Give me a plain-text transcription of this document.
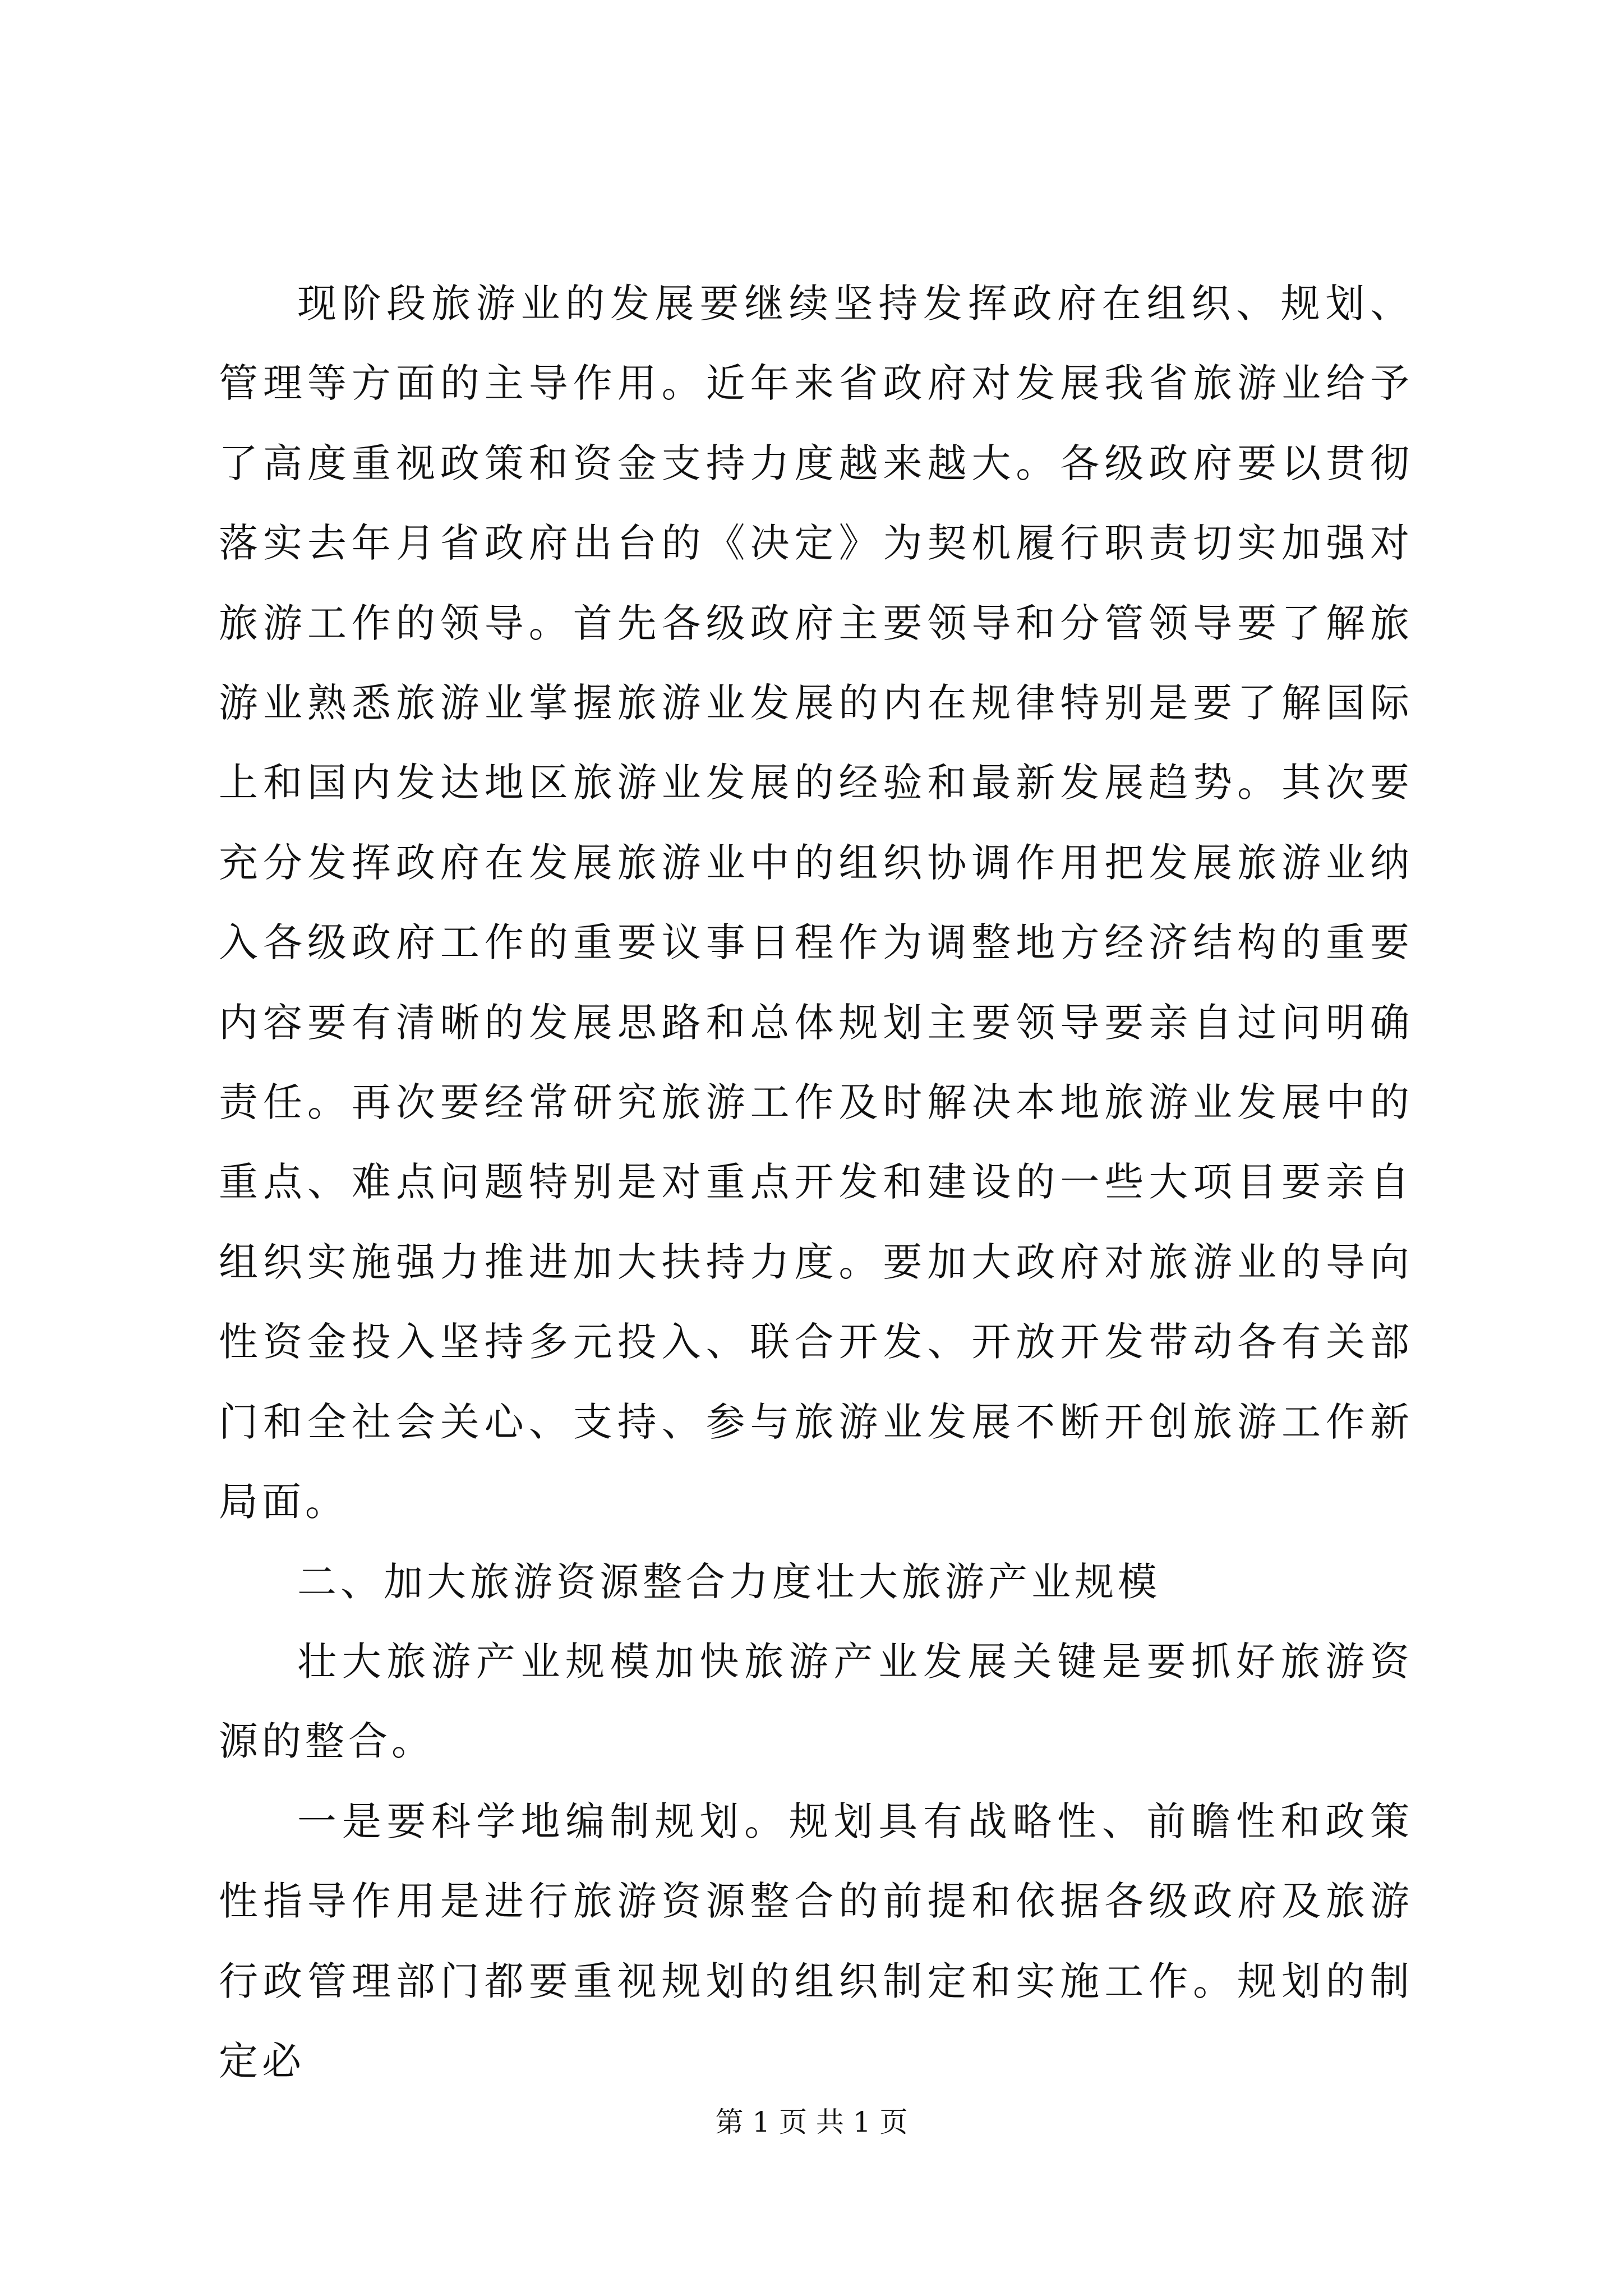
现阶段旅游业的发展要继续坚持发挥政府在组织、规划、管理等方面的主导作用。近年来省政府对发展我省旅游业给予了高度重视政策和资金支持力度越来越大。各级政府要以贯彻落实去年月省政府出台的《决定》为契机履行职责切实加强对旅游工作的领导。首先各级政府主要领导和分管领导要了解旅游业熟悉旅游业掌握旅游业发展的内在规律特别是要了解国际上和国内发达地区旅游业发展的经验和最新发展趋势。其次要充分发挥政府在发展旅游业中的组织协调作用把发展旅游业纳入各级政府工作的重要议事日程作为调整地方经济结构的重要内容要有清晰的发展思路和总体规划主要领导要亲自过问明确责任。再次要经常研究旅游工作及时解决本地旅游业发展中的重点、难点问题特别是对重点开发和建设的一些大项目要亲自组织实施强力推进加大扶持力度。要加大政府对旅游业的导向性资金投入坚持多元投入、联合开发、开放开发带动各有关部门和全社会关心、支持、参与旅游业发展不断开创旅游工作新局面。

二、加大旅游资源整合力度壮大旅游产业规模

壮大旅游产业规模加快旅游产业发展关键是要抓好旅游资源的整合。

一是要科学地编制规划。规划具有战略性、前瞻性和政策性指导作用是进行旅游资源整合的前提和依据各级政府及旅游行政管理部门都要重视规划的组织制定和实施工作。规划的制定必

第 1 页 共 1 页
